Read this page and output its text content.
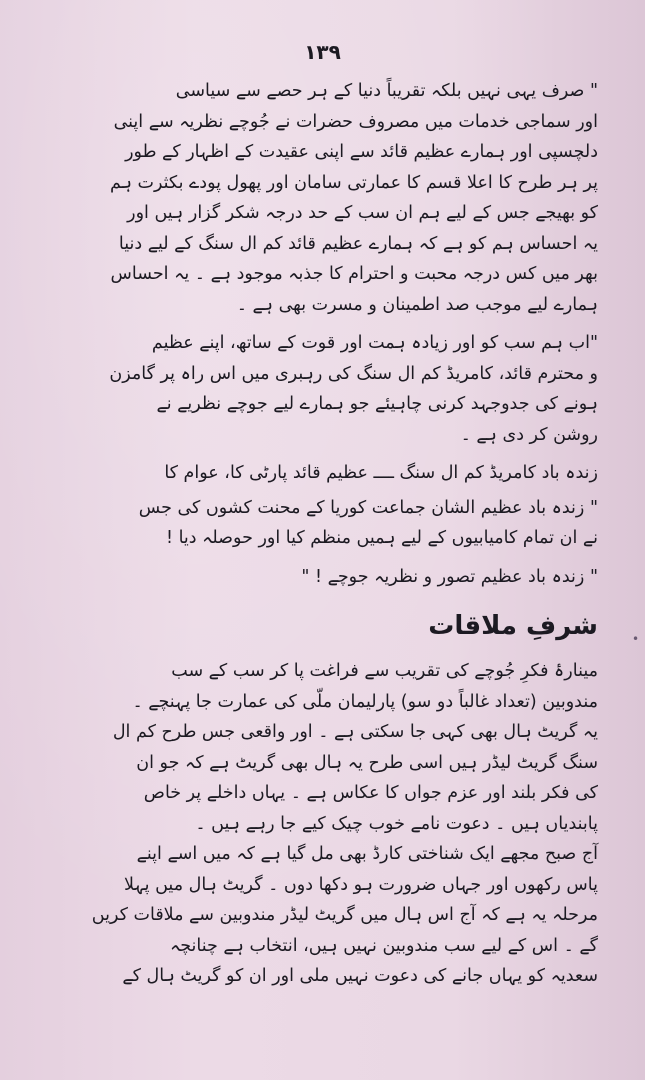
۱۳۹
•

" صرف یہی نہیں بلکہ تقریباً دنیا کے ہر حصے سے سیاسی
اور سماجی خدمات میں مصروف حضرات نے جُوچے نظریہ سے اپنی
دلچسپی اور ہمارے عظیم قائد سے اپنی عقیدت کے اظہار کے طور
پر ہر طرح کا اعلا قسم کا عمارتی سامان اور پھول پودے بکثرت ہم
کو بھیجے جس کے لیے ہم ان سب کے حد درجہ شکر گزار ہیں اور
یہ احساس ہم کو ہے کہ ہمارے عظیم قائد کم ال سنگ کے لیے دنیا
بھر میں کس درجہ محبت و احترام کا جذبہ موجود ہے ۔ یہ احساس
ہمارے لیے موجب صد اطمینان و مسرت بھی ہے ۔

"اب ہم سب کو اور زیادہ ہمت اور قوت کے ساتھ، اپنے عظیم
و محترم قائد، کامریڈ کم ال سنگ کی رہبری میں اس راہ پر گامزن
ہونے کی جدوجہد کرنی چاہیئے جو ہمارے لیے جوچے نظریے نے
روشن کر دی ہے ۔

زندہ باد کامریڈ کم ال سنگ ــــ عظیم قائد پارٹی کا، عوام کا

" زندہ باد عظیم الشان جماعت کوریا کے محنت کشوں کی جس
نے ان تمام کامیابیوں کے لیے ہمیں منظم کیا اور حوصلہ دیا !

" زندہ باد عظیم تصور و نظریہ جوچے ! "

شرفِ ملاقات

مینارۂ فکرِ جُوچے کی تقریب سے فراغت پا کر سب کے سب
مندوبین (تعداد غالباً دو سو) پارلیمان ملّی کی عمارت جا پہنچے ۔
یہ گریٹ ہال بھی کہی جا سکتی ہے ۔ اور واقعی جس طرح کم ال
سنگ گریٹ لیڈر ہیں اسی طرح یہ ہال بھی گریٹ ہے کہ جو ان
کی فکر بلند اور عزم جواں کا عکاس ہے ۔ یہاں داخلے پر خاص
پابندیاں ہیں ۔ دعوت نامے خوب چیک کیے جا رہے ہیں ۔
آج صبح مجھے ایک شناختی کارڈ بھی مل گیا ہے کہ میں اسے اپنے
پاس رکھوں اور جہاں ضرورت ہو دکھا دوں ۔ گریٹ ہال میں پہلا
مرحلہ یہ ہے کہ آج اس ہال میں گریٹ لیڈر مندوبین سے ملاقات کریں
گے ۔ اس کے لیے سب مندوبین نہیں ہیں، انتخاب ہے چنانچہ
سعدیہ کو یہاں جانے کی دعوت نہیں ملی اور ان کو گریٹ ہال کے
